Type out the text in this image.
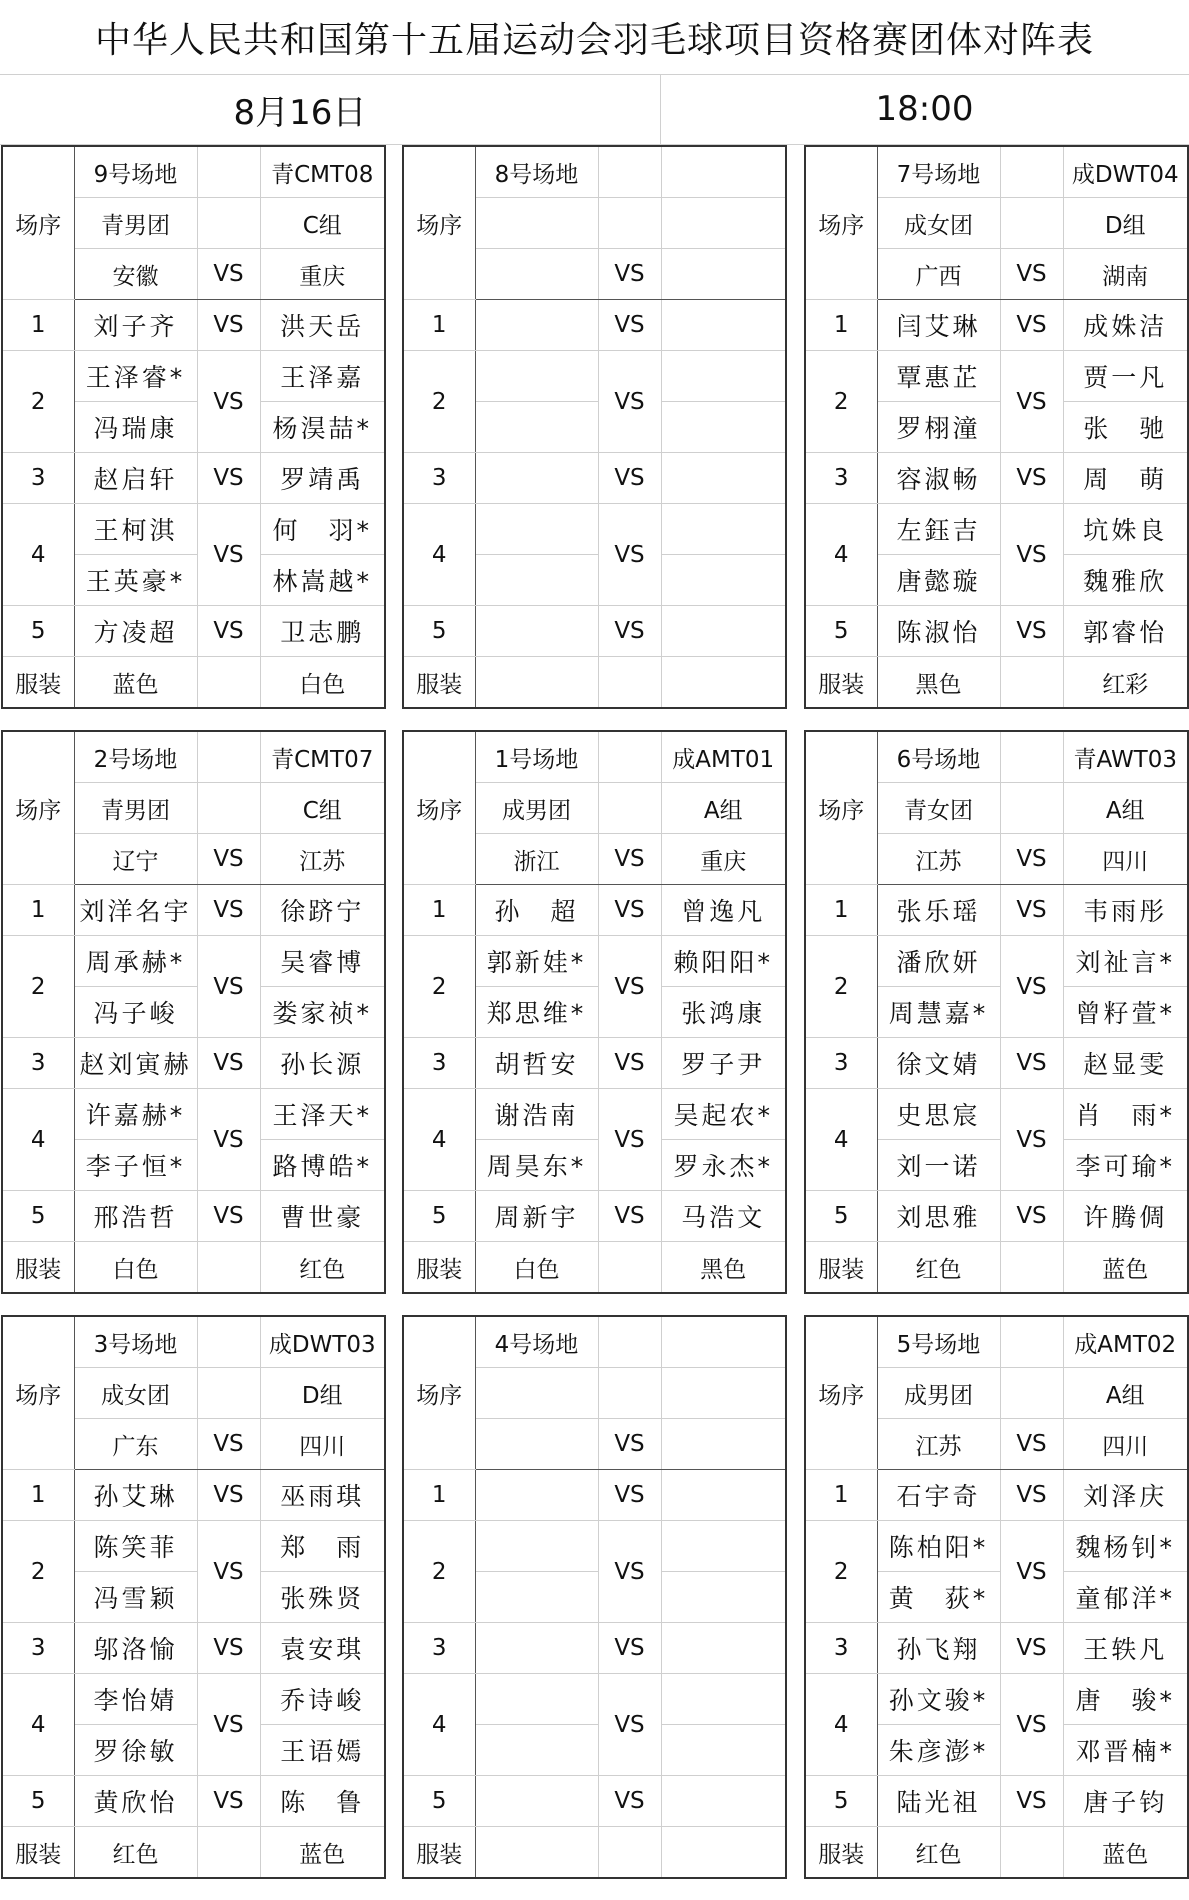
中华人民共和国第十五届运动会羽毛球项目资格赛团体对阵表
8月16日	18:00
场序	9号场地		青CMT08
	青男团		C组
	安徽	VS	重庆
1	刘子齐	VS	洪天岳
2	王泽睿*	VS	王泽嘉
	冯瑞康		杨淏喆*
3	赵启轩	VS	罗靖禹
4	王柯淇	VS	何　羽*
	王英豪*		林嵩越*
5	方凌超	VS	卫志鹏
服装	蓝色		白色
场序	8号场地		

		VS	
1		VS	
2		VS	

3		VS	
4		VS	

5		VS	
服装			
场序	7号场地		成DWT04
	成女团		D组
	广西	VS	湖南
1	闫艾琳	VS	成姝洁
2	覃惠芷	VS	贾一凡
	罗栩潼		张　驰
3	容淑畅	VS	周　萌
4	左鈺吉	VS	坑姝良
	唐懿璇		魏雅欣
5	陈淑怡	VS	郭睿怡
服装	黑色		红彩
场序	2号场地		青CMT07
	青男团		C组
	辽宁	VS	江苏
1	刘洋名宇	VS	徐跻宁
2	周承赫*	VS	吴睿博
	冯子峻		娄家祯*
3	赵刘寅赫	VS	孙长源
4	许嘉赫*	VS	王泽天*
	李子恒*		路博皓*
5	邢浩哲	VS	曹世豪
服装	白色		红色
场序	1号场地		成AMT01
	成男团		A组
	浙江	VS	重庆
1	孙　超	VS	曾逸凡
2	郭新娃*	VS	赖阳阳*
	郑思维*		张鸿康
3	胡哲安	VS	罗子尹
4	谢浩南	VS	吴起农*
	周昊东*		罗永杰*
5	周新宇	VS	马浩文
服装	白色		黑色
场序	6号场地		青AWT03
	青女团		A组
	江苏	VS	四川
1	张乐瑶	VS	韦雨彤
2	潘欣妍	VS	刘祉言*
	周慧嘉*		曾籽萱*
3	徐文婧	VS	赵显雯
4	史思宸	VS	肖　雨*
	刘一诺		李可瑜*
5	刘思雅	VS	许腾倜
服装	红色		蓝色
场序	3号场地		成DWT03
	成女团		D组
	广东	VS	四川
1	孙艾琳	VS	巫雨琪
2	陈笑菲	VS	郑　雨
	冯雪颖		张殊贤
3	邬洛愉	VS	袁安琪
4	李怡婧	VS	乔诗峻
	罗徐敏		王语嫣
5	黄欣怡	VS	陈　鲁
服装	红色		蓝色
场序	4号场地		

		VS	
1		VS	
2		VS	

3		VS	
4		VS	

5		VS	
服装			
场序	5号场地		成AMT02
	成男团		A组
	江苏	VS	四川
1	石宇奇	VS	刘泽庆
2	陈柏阳*	VS	魏杨钊*
	黄　荻*		童郁洋*
3	孙飞翔	VS	王轶凡
4	孙文骏*	VS	唐　骏*
	朱彦澎*		邓晋楠*
5	陆光祖	VS	唐子钧
服装	红色		蓝色
